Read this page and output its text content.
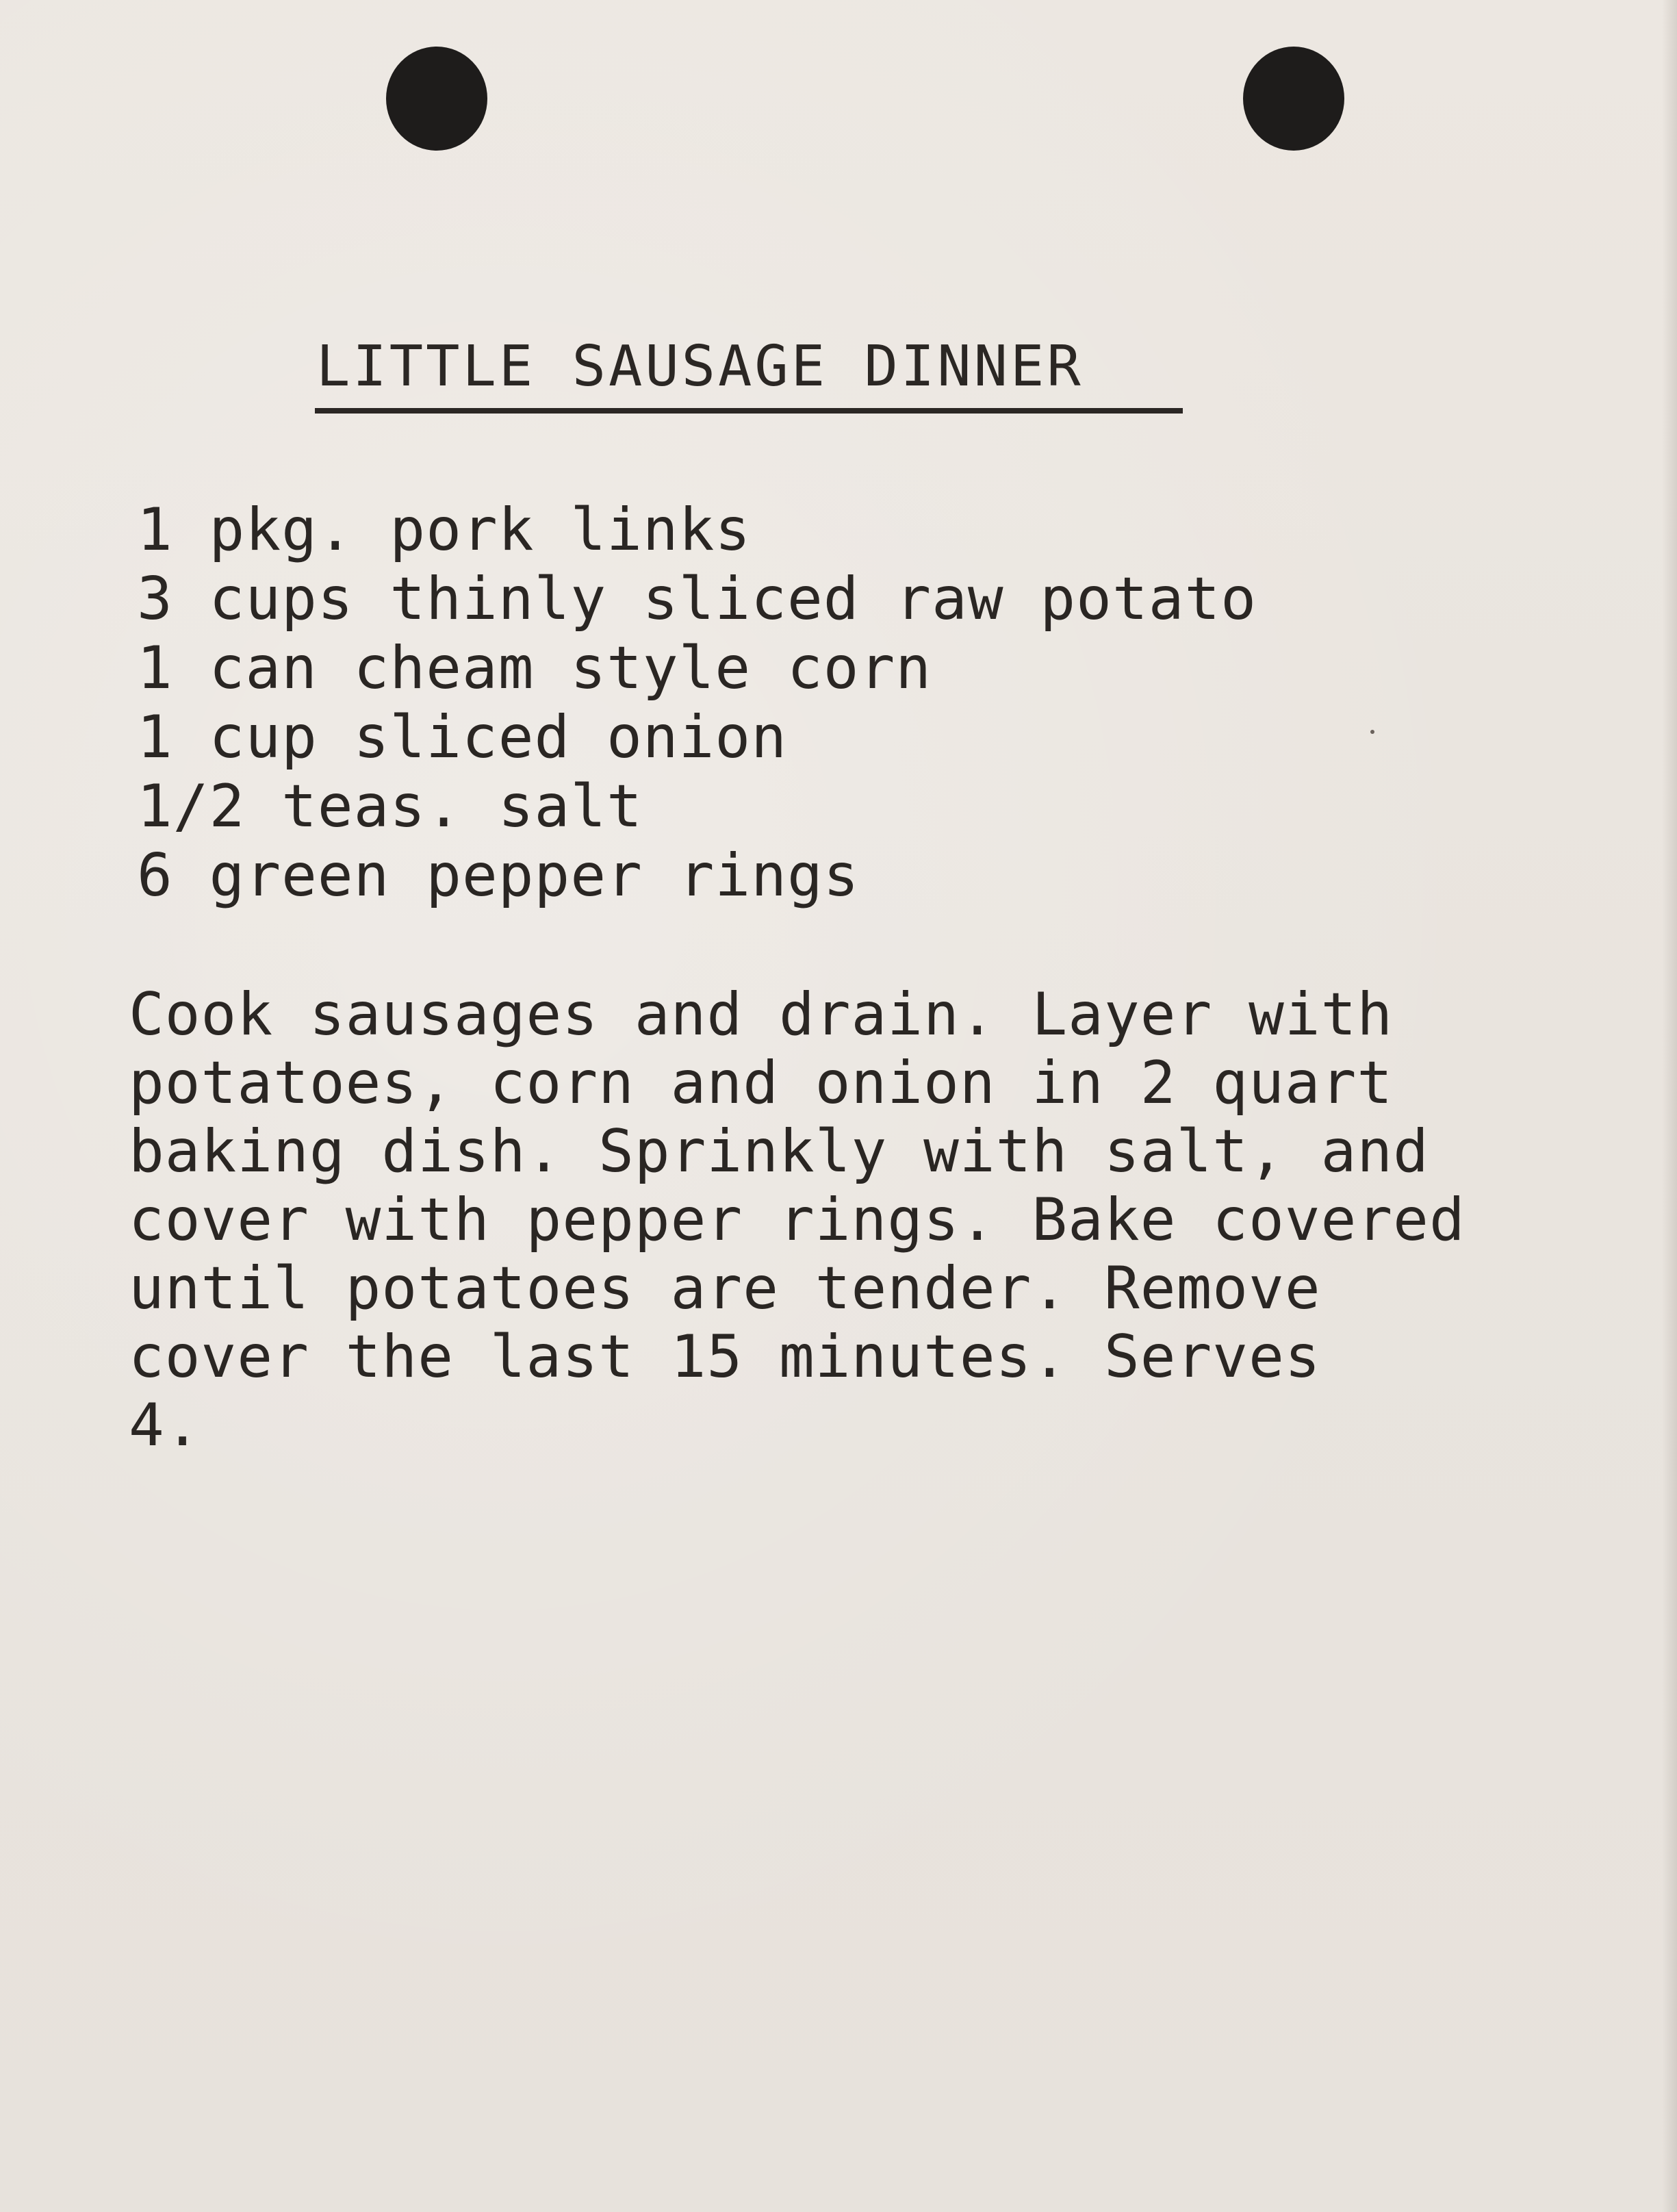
LITTLE SAUSAGE DINNER
1 pkg. pork links
3 cups thinly sliced raw potato
1 can cheam style corn
1 cup sliced onion
1/2 teas. salt
6 green pepper rings
Cook sausages and drain. Layer with
potatoes, corn and onion in 2 quart
baking dish. Sprinkly with salt, and
cover with pepper rings. Bake covered
until potatoes are tender. Remove
cover the last 15 minutes. Serves
4.
